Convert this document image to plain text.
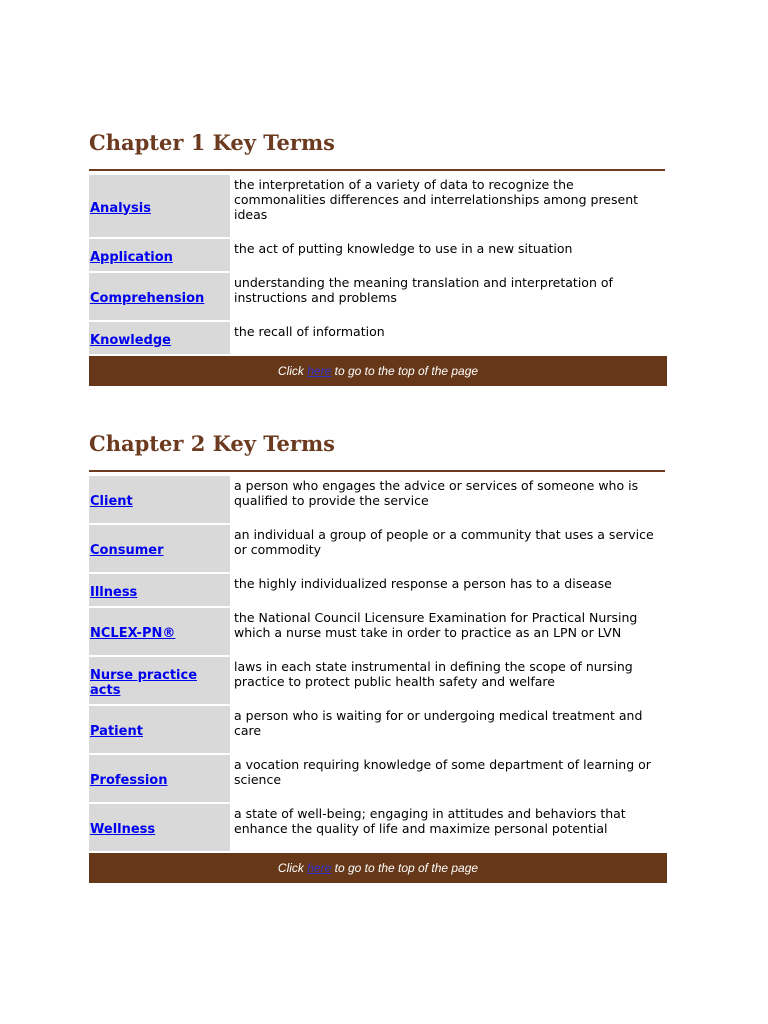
Chapter 1 Key Terms
Analysis	the interpretation of a variety of data to recognize the commonalities differences and interrelationships among present ideas
Application	the act of putting knowledge to use in a new situation
Comprehension	understanding the meaning translation and interpretation of instructions and problems
Knowledge	the recall of information
Click here to go to the top of the page
Chapter 2 Key Terms
Client	a person who engages the advice or services of someone who is qualified to provide the service
Consumer	an individual a group of people or a community that uses a service or commodity
Illness	the highly individualized response a person has to a disease
NCLEX-PN®	the National Council Licensure Examination for Practical Nursing which a nurse must take in order to practice as an LPN or LVN
Nurse practice acts	laws in each state instrumental in defining the scope of nursing practice to protect public health safety and welfare
Patient	a person who is waiting for or undergoing medical treatment and care
Profession	a vocation requiring knowledge of some department of learning or science
Wellness	a state of well-being; engaging in attitudes and behaviors that enhance the quality of life and maximize personal potential
Click here to go to the top of the page
